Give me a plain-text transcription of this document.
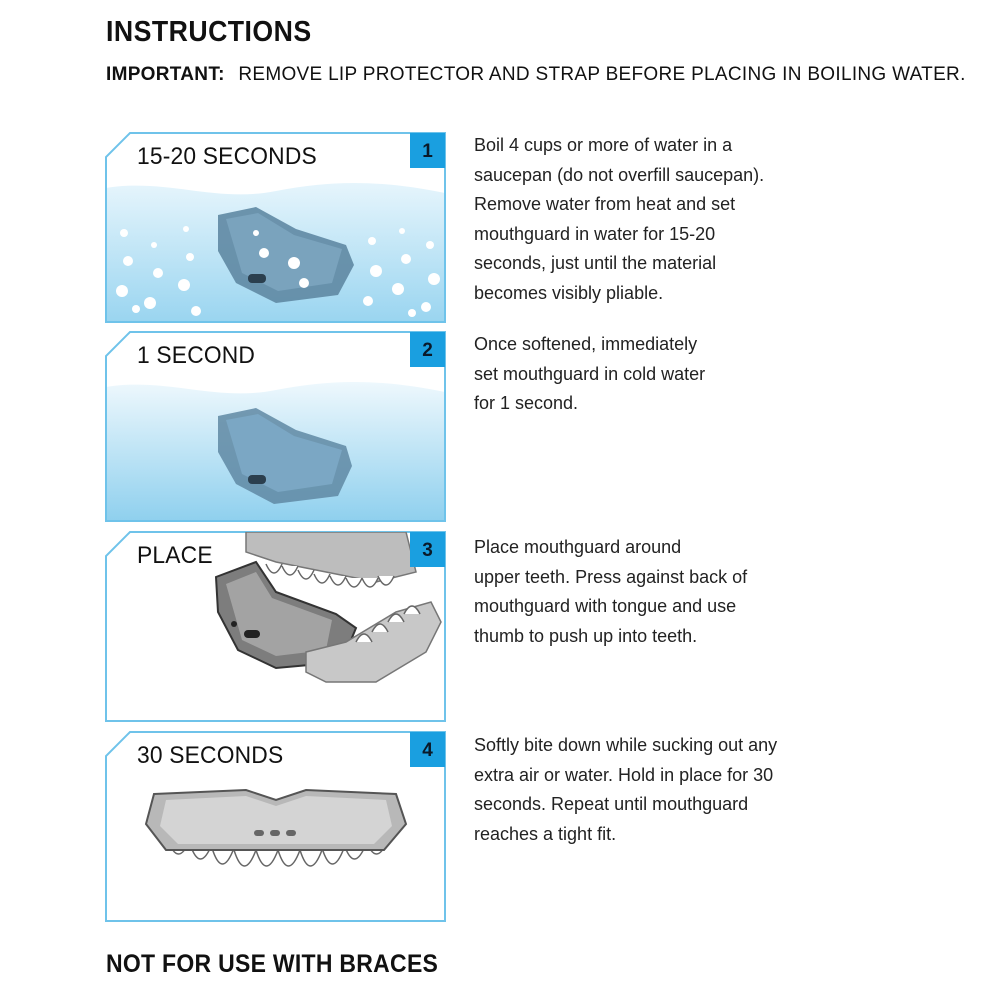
INSTRUCTIONS
IMPORTANT: REMOVE LIP PROTECTOR AND STRAP BEFORE PLACING IN BOILING WATER.
15-20 SECONDS	1	Boil 4 cups or more of water in a
saucepan (do not overfill saucepan).
Remove water from heat and set
mouthguard in water for 15-20
seconds, just until the material
becomes visibly pliable.
1 SECOND	2	Once softened, immediately
set mouthguard in cold water
for 1 second.
PLACE	3	Place mouthguard around
upper teeth. Press against back of
mouthguard with tongue and use
thumb to push up into teeth.
30 SECONDS	4	Softly bite down while sucking out any
extra air or water. Hold in place for 30
seconds. Repeat until mouthguard
reaches a tight fit.
NOT FOR USE WITH BRACES
